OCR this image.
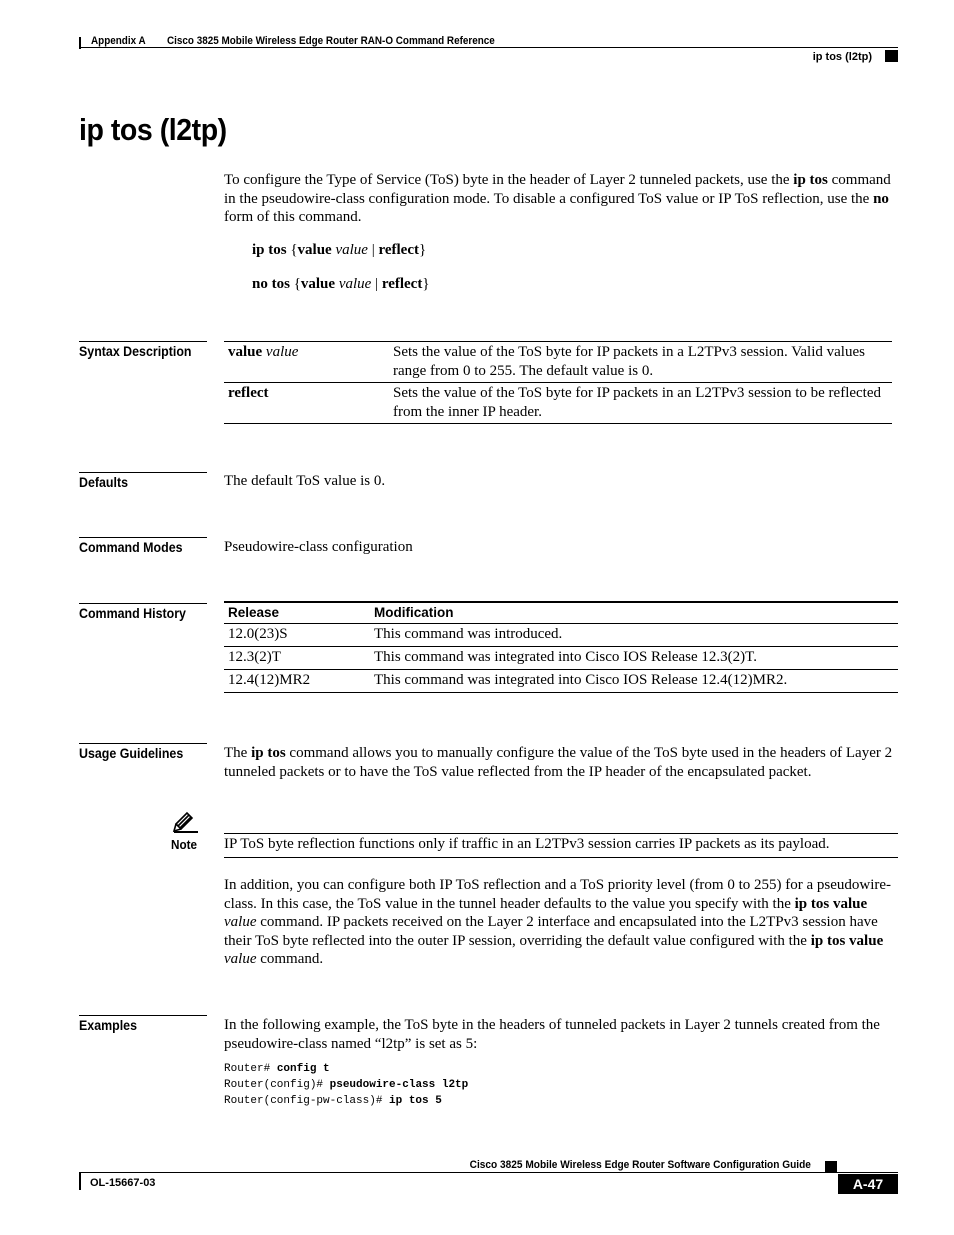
Appendix A Cisco 3825 Mobile Wireless Edge Router RAN-O Command Reference
ip tos (l2tp)
ip tos (l2tp)
To configure the Type of Service (ToS) byte in the header of Layer 2 tunneled packets, use the ip tos command in the pseudowire-class configuration mode. To disable a configured ToS value or IP ToS reflection, use the no form of this command.
ip tos {value value | reflect}
no tos {value value | reflect}
Syntax Description	value value	Sets the value of the ToS byte for IP packets in a L2TPv3 session. Valid values range from 0 to 255. The default value is 0.
reflect	Sets the value of the ToS byte for IP packets in an L2TPv3 session to be reflected from the inner IP header.
Defaults	The default ToS value is 0.
Command Modes	Pseudowire-class configuration
Command History	Release	Modification
12.0(23)S	This command was introduced.
12.3(2)T	This command was integrated into Cisco IOS Release 12.3(2)T.
12.4(12)MR2	This command was integrated into Cisco IOS Release 12.4(12)MR2.
Usage Guidelines	The ip tos command allows you to manually configure the value of the ToS byte used in the headers of Layer 2 tunneled packets or to have the ToS value reflected from the IP header of the encapsulated packet.
Note IP ToS byte reflection functions only if traffic in an L2TPv3 session carries IP packets as its payload.
In addition, you can configure both IP ToS reflection and a ToS priority level (from 0 to 255) for a pseudowire-class. In this case, the ToS value in the tunnel header defaults to the value you specify with the ip tos value value command. IP packets received on the Layer 2 interface and encapsulated into the L2TPv3 session have their ToS byte reflected into the outer IP session, overriding the default value configured with the ip tos value value command.
Examples	In the following example, the ToS byte in the headers of tunneled packets in Layer 2 tunnels created from the pseudowire-class named “l2tp” is set as 5:
Router# config t
Router(config)# pseudowire-class l2tp
Router(config-pw-class)# ip tos 5
Cisco 3825 Mobile Wireless Edge Router Software Configuration Guide
OL-15667-03	A-47
